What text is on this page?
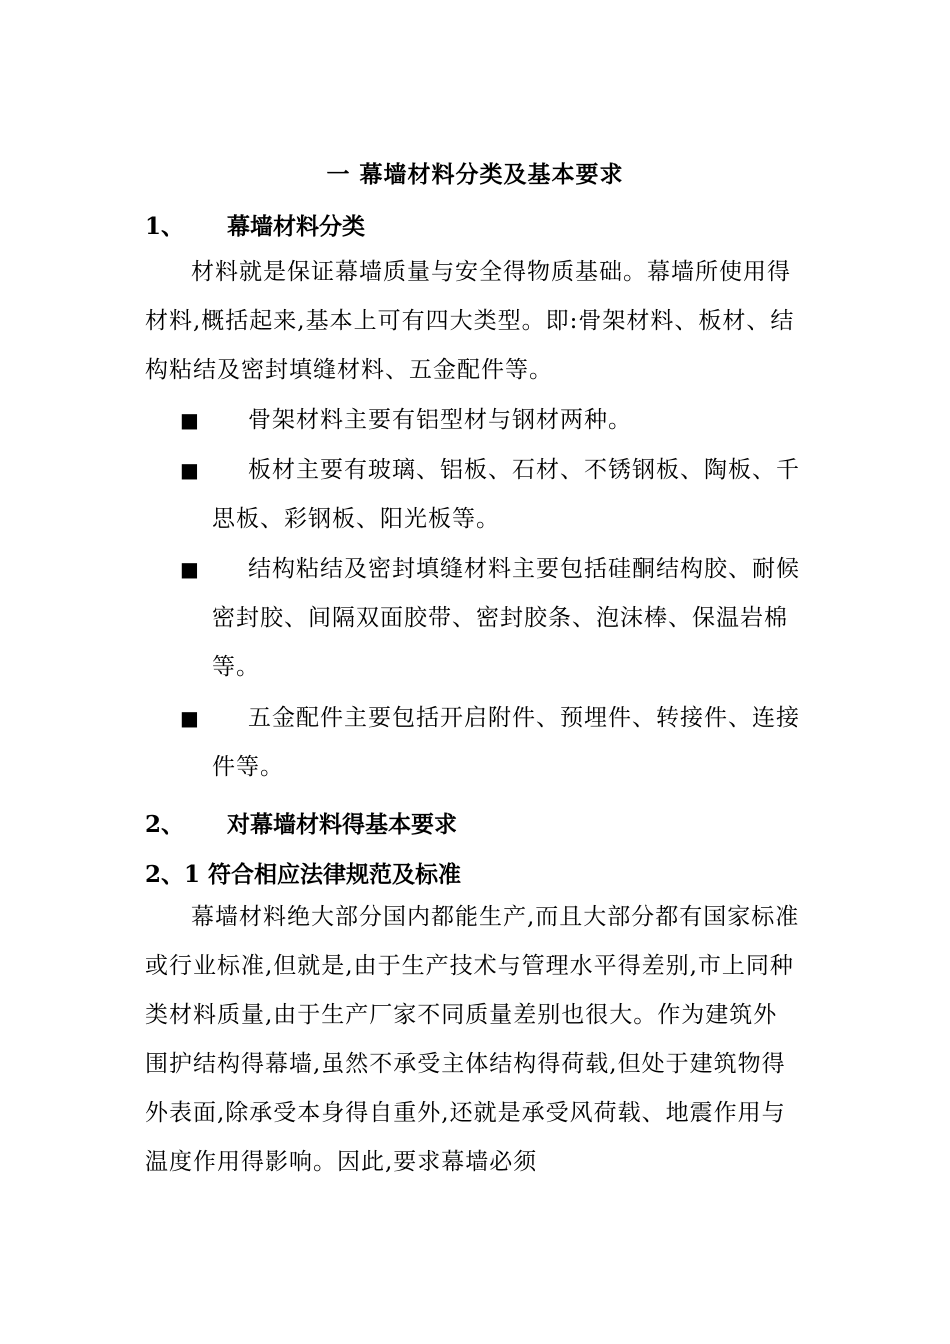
一 幕墙材料分类及基本要求
1、 幕墙材料分类

材料就是保证幕墙质量与安全得物质基础。幕墙所使用得材料,概括起来,基本上可有四大类型。即:骨架材料、板材、结构粘结及密封填缝材料、五金配件等。

■	骨架材料主要有铝型材与钢材两种。

■	板材主要有玻璃、铝板、石材、不锈钢板、陶板、千思板、彩钢板、阳光板等。

■	结构粘结及密封填缝材料主要包括硅酮结构胶、耐候密封胶、间隔双面胶带、密封胶条、泡沫棒、保温岩棉等。

■	五金配件主要包括开启附件、预埋件、转接件、连接件等。

2、 对幕墙材料得基本要求
2、1 符合相应法律规范及标准

幕墙材料绝大部分国内都能生产,而且大部分都有国家标准或行业标准,但就是,由于生产技术与管理水平得差别,市上同种类材料质量,由于生产厂家不同质量差别也很大。作为建筑外围护结构得幕墙,虽然不承受主体结构得荷载,但处于建筑物得外表面,除承受本身得自重外,还就是承受风荷载、地震作用与温度作用得影响。因此,要求幕墙必须
